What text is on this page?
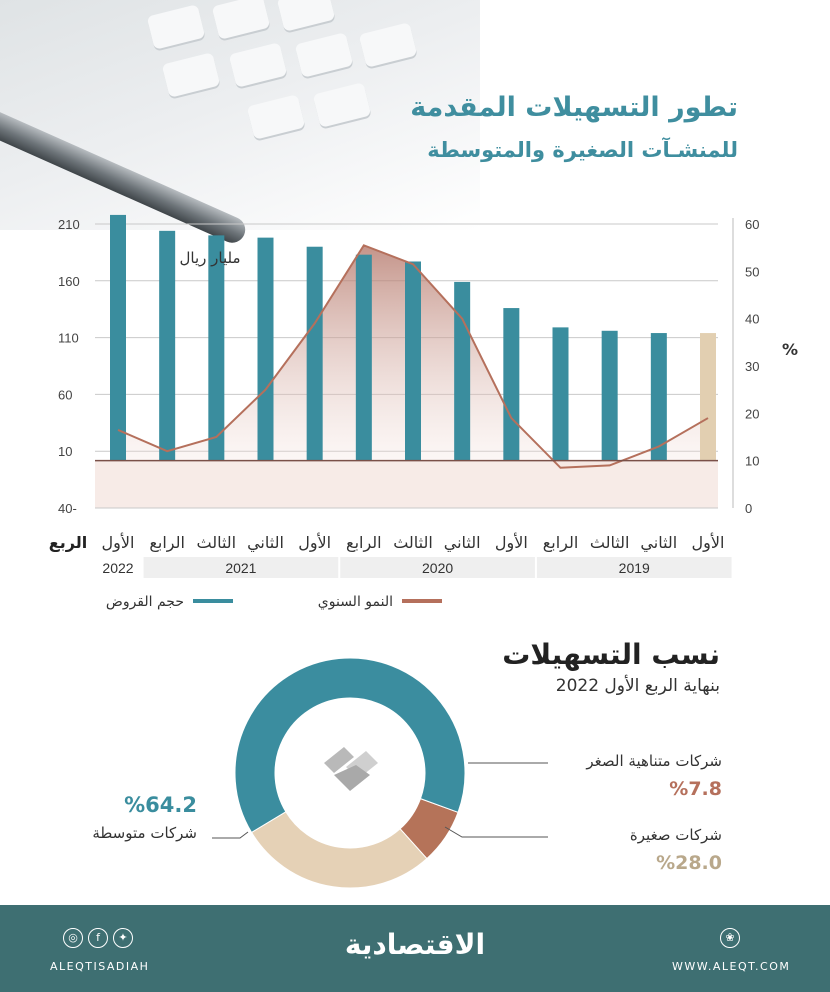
تطور التسهيلات المقدمة
للمنشـآت الصغيرة والمتوسطة
210
160
110
60
10
40-
60
50
40
30
20
10
0
%
مليار ريال
الأول
الثاني
الثالث
الرابع
الأول
الثاني
الثالث
الرابع
الأول
الثاني
الثالث
الرابع
الأول
الربع
2019
2020
2021
2022
حجم القروض	النمو السنوي
نسب التسهيلات
بنهاية الربع الأول 2022
شركات متناهية الصغر
%7.8
شركات صغيرة
%28.0
%64.2
شركات متوسطة
◎	f	✦
ALEQTISADIAH
الاقتصادية	❀
WWW.ALEQT.COM
